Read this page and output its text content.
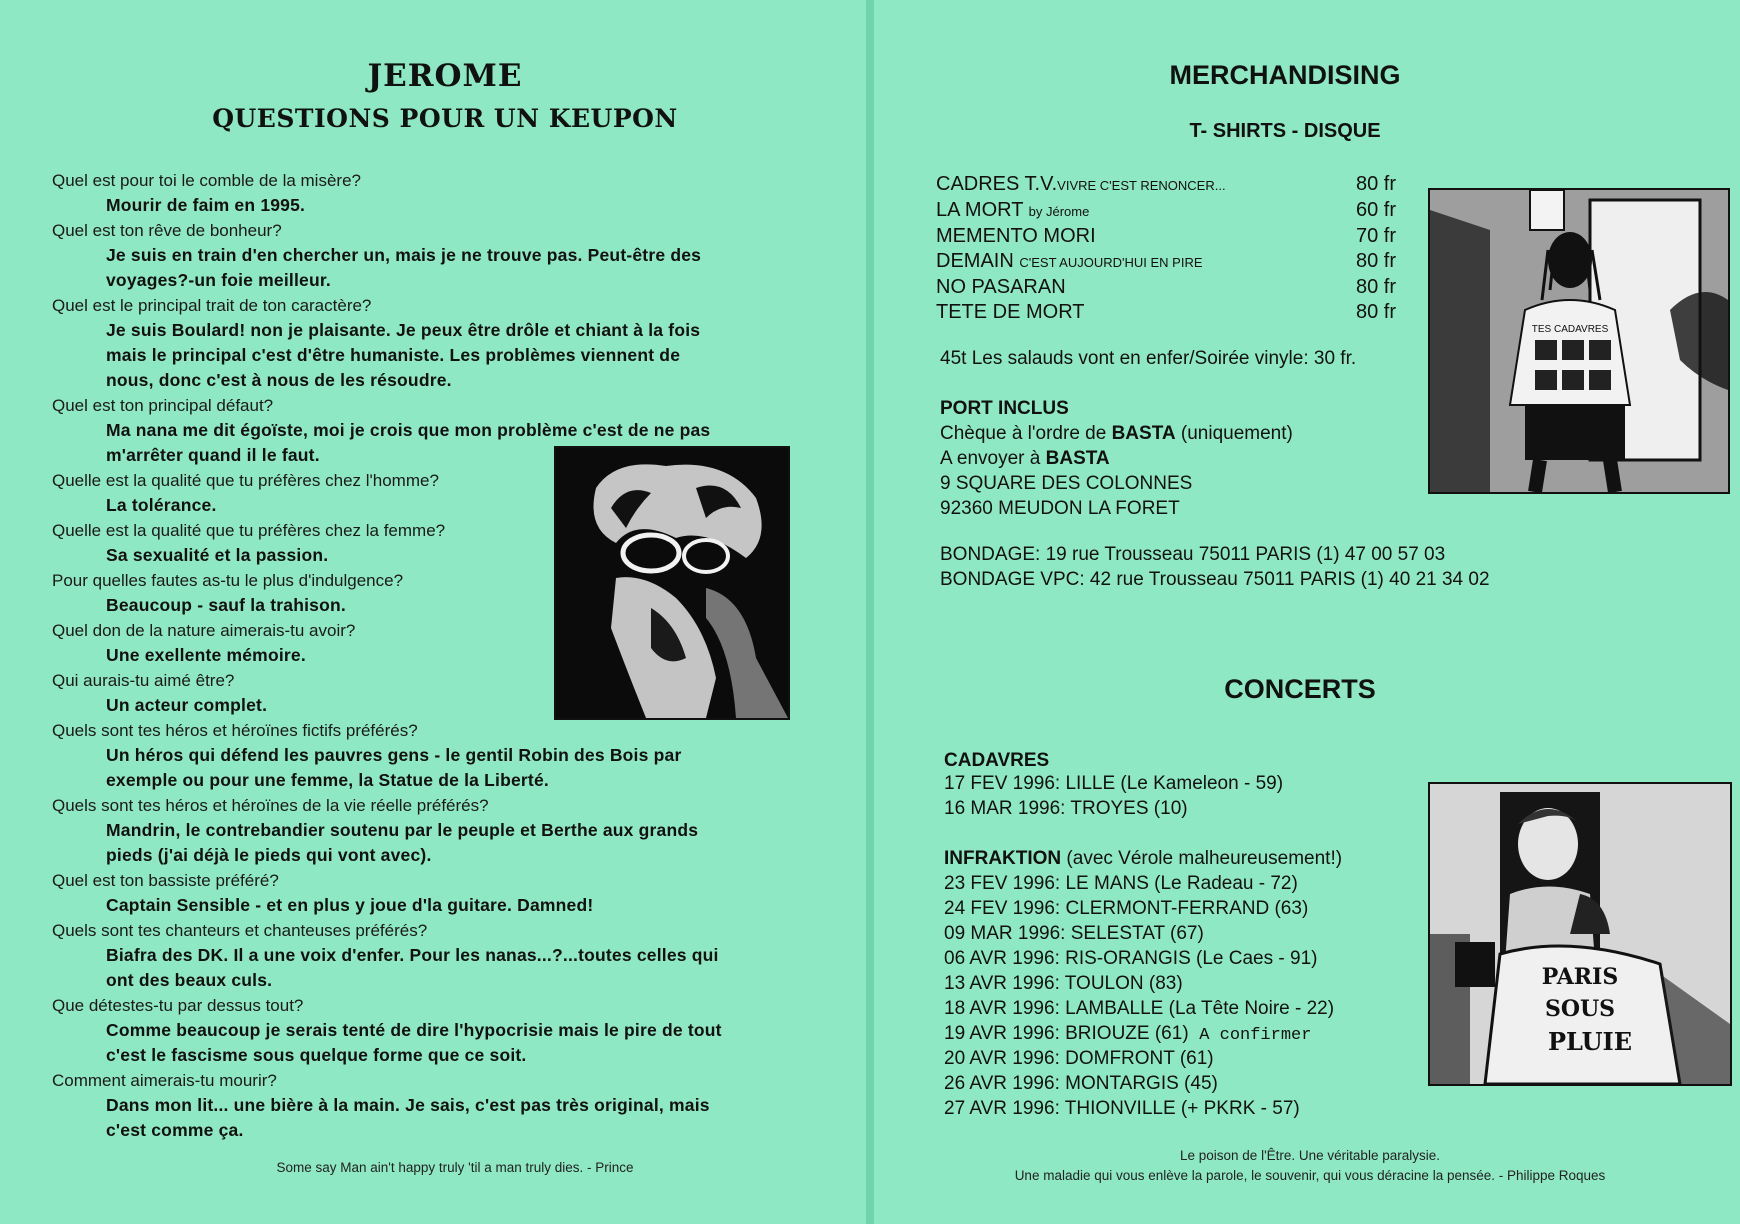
JEROME
QUESTIONS POUR UN KEUPON

Quel est pour toi le comble de la misère?

Mourir de faim en 1995.

Quel est ton rêve de bonheur?

Je suis en train d'en chercher un, mais je ne trouve pas. Peut-être des

voyages?-un foie meilleur.

Quel est le principal trait de ton caractère?

Je suis Boulard! non je plaisante. Je peux être drôle et chiant à la fois

mais le principal c'est d'être humaniste. Les problèmes viennent de

nous, donc c'est à nous de les résoudre.

Quel est ton principal défaut?

Ma nana me dit égoïste, moi je crois que mon problème c'est de ne pas

m'arrêter quand il le faut.

Quelle est la qualité que tu préfères chez l'homme?

La tolérance.

Quelle est la qualité que tu préfères chez la femme?

Sa sexualité et la passion.

Pour quelles fautes as-tu le plus d'indulgence?

Beaucoup - sauf la trahison.

Quel don de la nature aimerais-tu avoir?

Une exellente mémoire.

Qui aurais-tu aimé être?

Un acteur complet.

Quels sont tes héros et héroïnes fictifs préférés?

Un héros qui défend les pauvres gens - le gentil Robin des Bois par

exemple ou pour une femme, la Statue de la Liberté.

Quels sont tes héros et héroïnes de la vie réelle préférés?

Mandrin, le contrebandier soutenu par le peuple et Berthe aux grands

pieds (j'ai déjà le pieds qui vont avec).

Quel est ton bassiste préféré?

Captain Sensible - et en plus y joue d'la guitare. Damned!

Quels sont tes chanteurs et chanteuses préférés?

Biafra des DK. Il a une voix d'enfer. Pour les nanas...?...toutes celles qui

ont des beaux culs.

Que détestes-tu par dessus tout?

Comme beaucoup je serais tenté de dire l'hypocrisie mais le pire de tout

c'est le fascisme sous quelque forme que ce soit.

Comment aimerais-tu mourir?

Dans mon lit... une bière à la main. Je sais, c'est pas très original, mais

c'est comme ça.

Some say Man ain't happy truly 'til a man truly dies. - Prince
MERCHANDISING
T- SHIRTS - DISQUE
CADRES T.V.VIVRE C'EST RENONCER...	80 fr
LA MORT by Jérome	60 fr
MEMENTO MORI	70 fr
DEMAIN C'EST AUJOURD'HUI EN PIRE	80 fr
NO PASARAN	80 fr
TETE DE MORT	80 fr
45t Les salauds vont en enfer/Soirée vinyle: 30 fr.
PORT INCLUS
Chèque à l'ordre de BASTA (uniquement)
A envoyer à BASTA
9 SQUARE DES COLONNES
92360 MEUDON LA FORET
BONDAGE: 19 rue Trousseau 75011 PARIS (1) 47 00 57 03
BONDAGE VPC: 42 rue Trousseau 75011 PARIS (1) 40 21 34 02
TES CADAVRES
CONCERTS
CADAVRES
17 FEV 1996: LILLE (Le Kameleon - 59)
16 MAR 1996: TROYES (10)
INFRAKTION (avec Vérole malheureusement!)
23 FEV 1996: LE MANS (Le Radeau - 72)
24 FEV 1996: CLERMONT-FERRAND (63)
09 MAR 1996: SELESTAT (67)
06 AVR 1996: RIS-ORANGIS (Le Caes - 91)
13 AVR 1996: TOULON (83)
18 AVR 1996: LAMBALLE (La Tête Noire - 22)
19 AVR 1996: BRIOUZE (61) A confirmer
20 AVR 1996: DOMFRONT (61)
26 AVR 1996: MONTARGIS (45)
27 AVR 1996: THIONVILLE (+ PKRK - 57)
PARIS
SOUS
PLUIE
Le poison de l'Être. Une véritable paralysie.
Une maladie qui vous enlève la parole, le souvenir, qui vous déracine la pensée. - Philippe Roques
